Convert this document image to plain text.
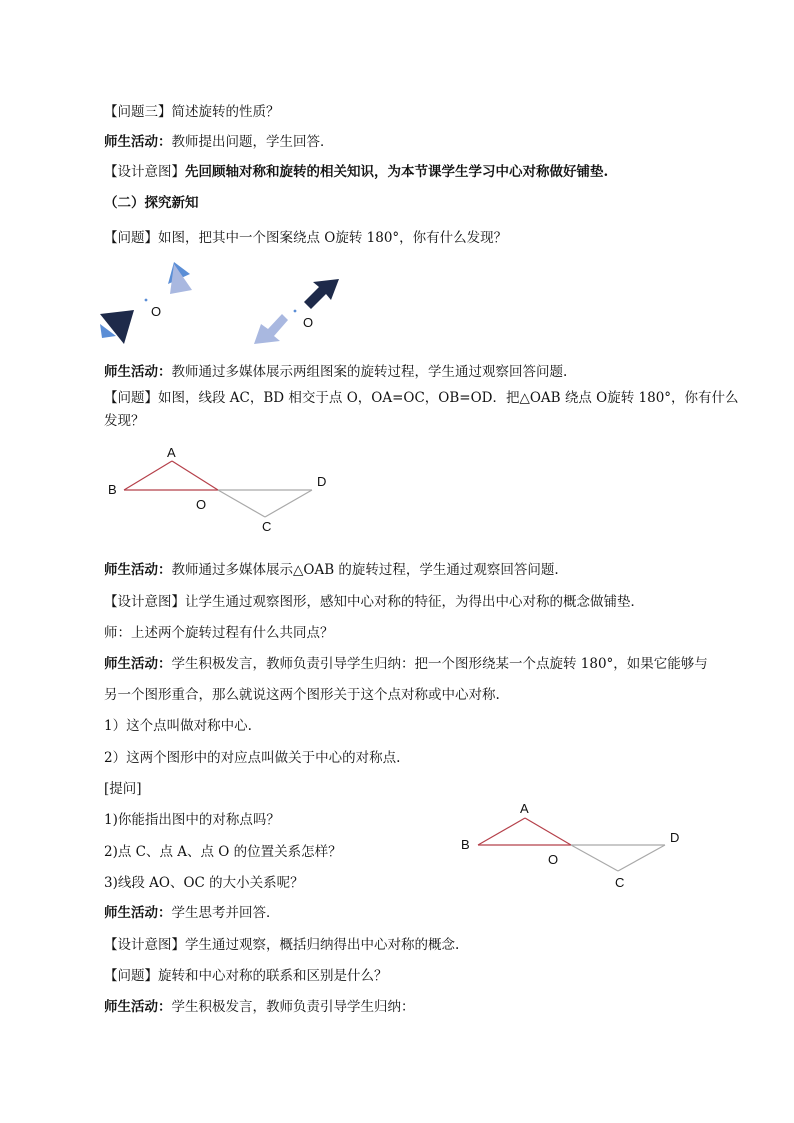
【问题三】简述旋转的性质？
师生活动：教师提出问题，学生回答．
【设计意图】先回顾轴对称和旋转的相关知识，为本节课学生学习中心对称做好铺垫.
（二）探究新知
【问题】如图，把其中一个图案绕点 O旋转 180°，你有什么发现？
O
O
师生活动：教师通过多媒体展示两组图案的旋转过程，学生通过观察回答问题.
【问题】如图，线段 AC，BD 相交于点 O，OA=OC，OB=OD．把△OAB 绕点 O旋转 180°，你有什么
发现？
A
B
O
C
D
师生活动：教师通过多媒体展示△OAB 的旋转过程，学生通过观察回答问题.
【设计意图】让学生通过观察图形，感知中心对称的特征，为得出中心对称的概念做铺垫．
师：上述两个旋转过程有什么共同点？
师生活动：学生积极发言，教师负责引导学生归纳：把一个图形绕某一个点旋转 180°，如果它能够与
另一个图形重合，那么就说这两个图形关于这个点对称或中心对称.
1）这个点叫做对称中心.
2）这两个图形中的对应点叫做关于中心的对称点.
[提问]
1)你能指出图中的对称点吗？
2)点 C、点 A、点 O 的位置关系怎样？
3)线段 AO、OC 的大小关系呢？
A
B
O
C
D
师生活动：学生思考并回答．
【设计意图】学生通过观察，概括归纳得出中心对称的概念.
【问题】旋转和中心对称的联系和区别是什么？
师生活动：学生积极发言，教师负责引导学生归纳：
